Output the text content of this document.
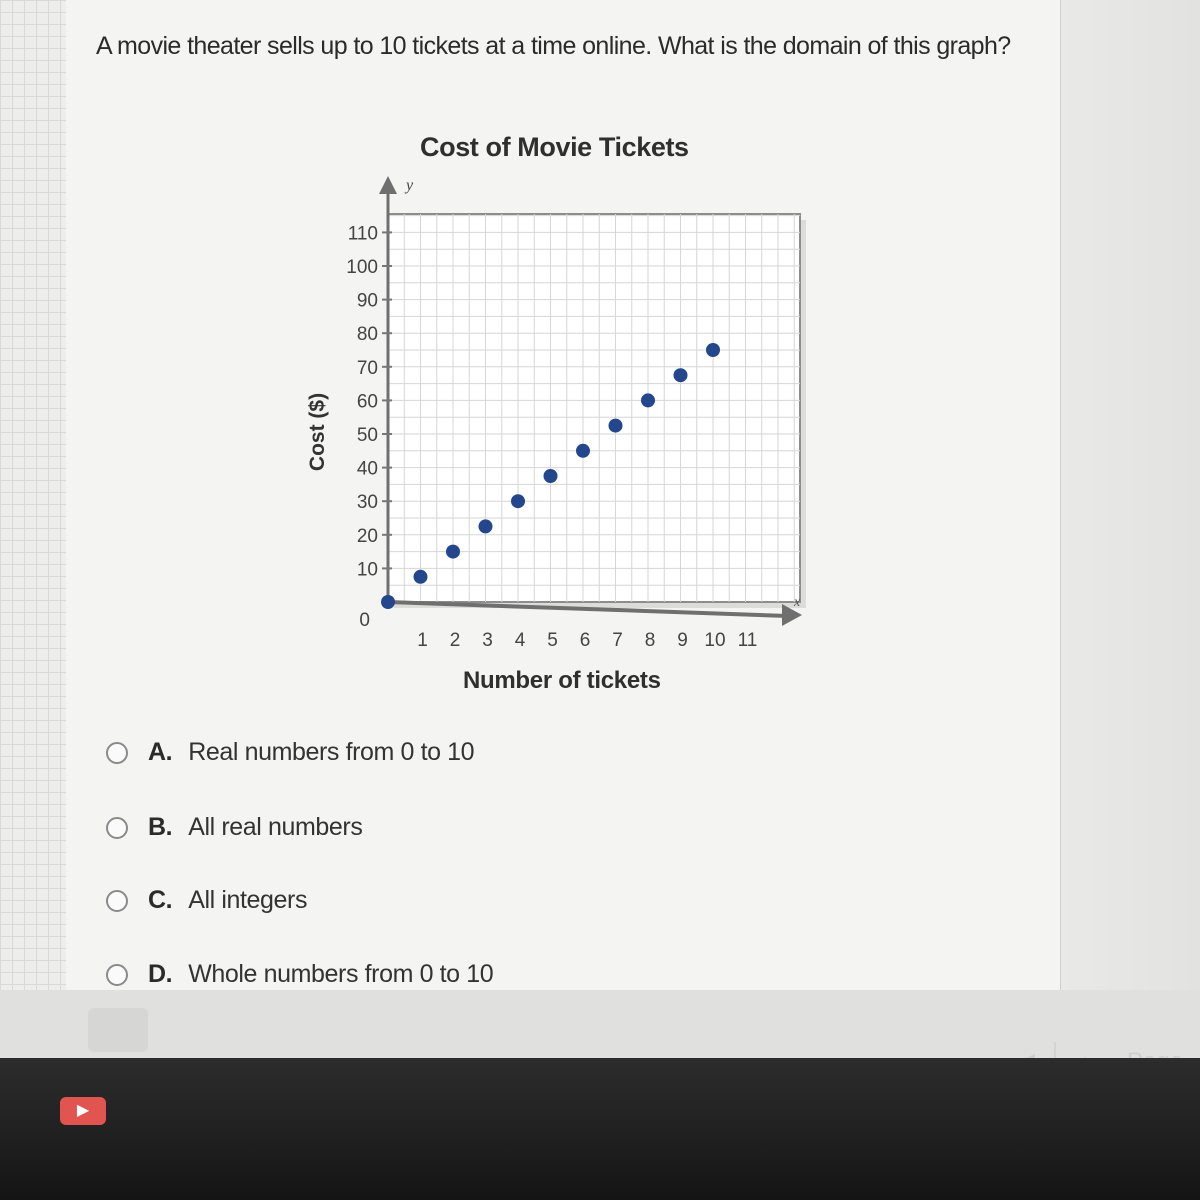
A movie theater sells up to 10 tickets at a time online. What is the domain of this graph?
Cost of Movie Tickets
y
x
10
20
30
40
50
60
70
80
90
100
110
0
1 2 3 4 5 6 7 8 9 10 11
Cost ($)
Number of tickets
A. Real numbers from 0 to 10
B. All real numbers
C. All integers
D. Whole numbers from 0 to 10
▶
